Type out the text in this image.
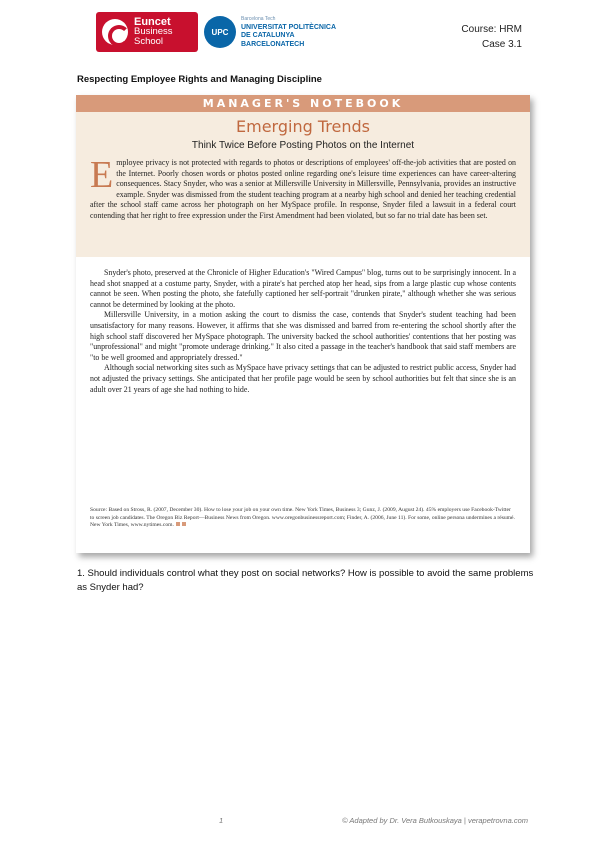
Euncet
Business
School
UPC
Barcelona Tech
UNIVERSITAT POLITÈCNICA
DE CATALUNYA
BARCELONATECH
Course: HRM
Case 3.1
Respecting Employee Rights and Managing Discipline
MANAGER'S NOTEBOOK
Emerging Trends
Think Twice Before Posting Photos on the Internet
Employee privacy is not protected with regards to photos or descriptions of employees' off-the-job activities that are posted on the Internet. Poorly chosen words or photos posted online regarding one's leisure time experiences can have career-altering consequences. Stacy Snyder, who was a senior at Millersville University in Millersville, Pennsylvania, provides an instructive example. Snyder was dismissed from the student teaching program at a nearby high school and denied her teaching credential after the school staff came across her photograph on her MySpace profile. In response, Snyder filed a lawsuit in a federal court contending that her right to free expression under the First Amendment had been violated, but so far no trial date has been set.

Snyder's photo, preserved at the Chronicle of Higher Education's "Wired Campus" blog, turns out to be surprisingly innocent. In a head shot snapped at a costume party, Snyder, with a pirate's hat perched atop her head, sips from a large plastic cup whose contents cannot be seen. When posting the photo, she fatefully captioned her self-portrait "drunken pirate," although whether she was serious cannot be determined by looking at the photo.

Millersville University, in a motion asking the court to dismiss the case, contends that Snyder's student teaching had been unsatisfactory for many reasons. However, it affirms that she was dismissed and barred from re-entering the school shortly after the high school staff discovered her MySpace photograph. The university backed the school authorities' contentions that her posting was "unprofessional" and might "promote underage drinking." It also cited a passage in the teacher's handbook that said staff members are "to be well groomed and appropriately dressed."

Although social networking sites such as MySpace have privacy settings that can be adjusted to restrict public access, Snyder had not adjusted the privacy settings. She anticipated that her profile page would be seen by school authorities but felt that since she is an adult over 21 years of age she had nothing to hide.

Source: Based on Stross, R. (2007, December 30). How to lose your job on your own time. New York Times, Business 3; Gunz, J. (2009, August 24). 45% employers use Facebook-Twitter to screen job candidates. The Oregon Biz Report—Business News from Oregon. www.oregonbusinessreport.com; Finder, A. (2006, June 11). For some, online persona undermines a résumé. New York Times, www.nytimes.com.
1. Should individuals control what they post on social networks? How is possible to avoid the same problems as Snyder had?
1	© Adapted by Dr. Vera Butkouskaya | verapetrovna.com
